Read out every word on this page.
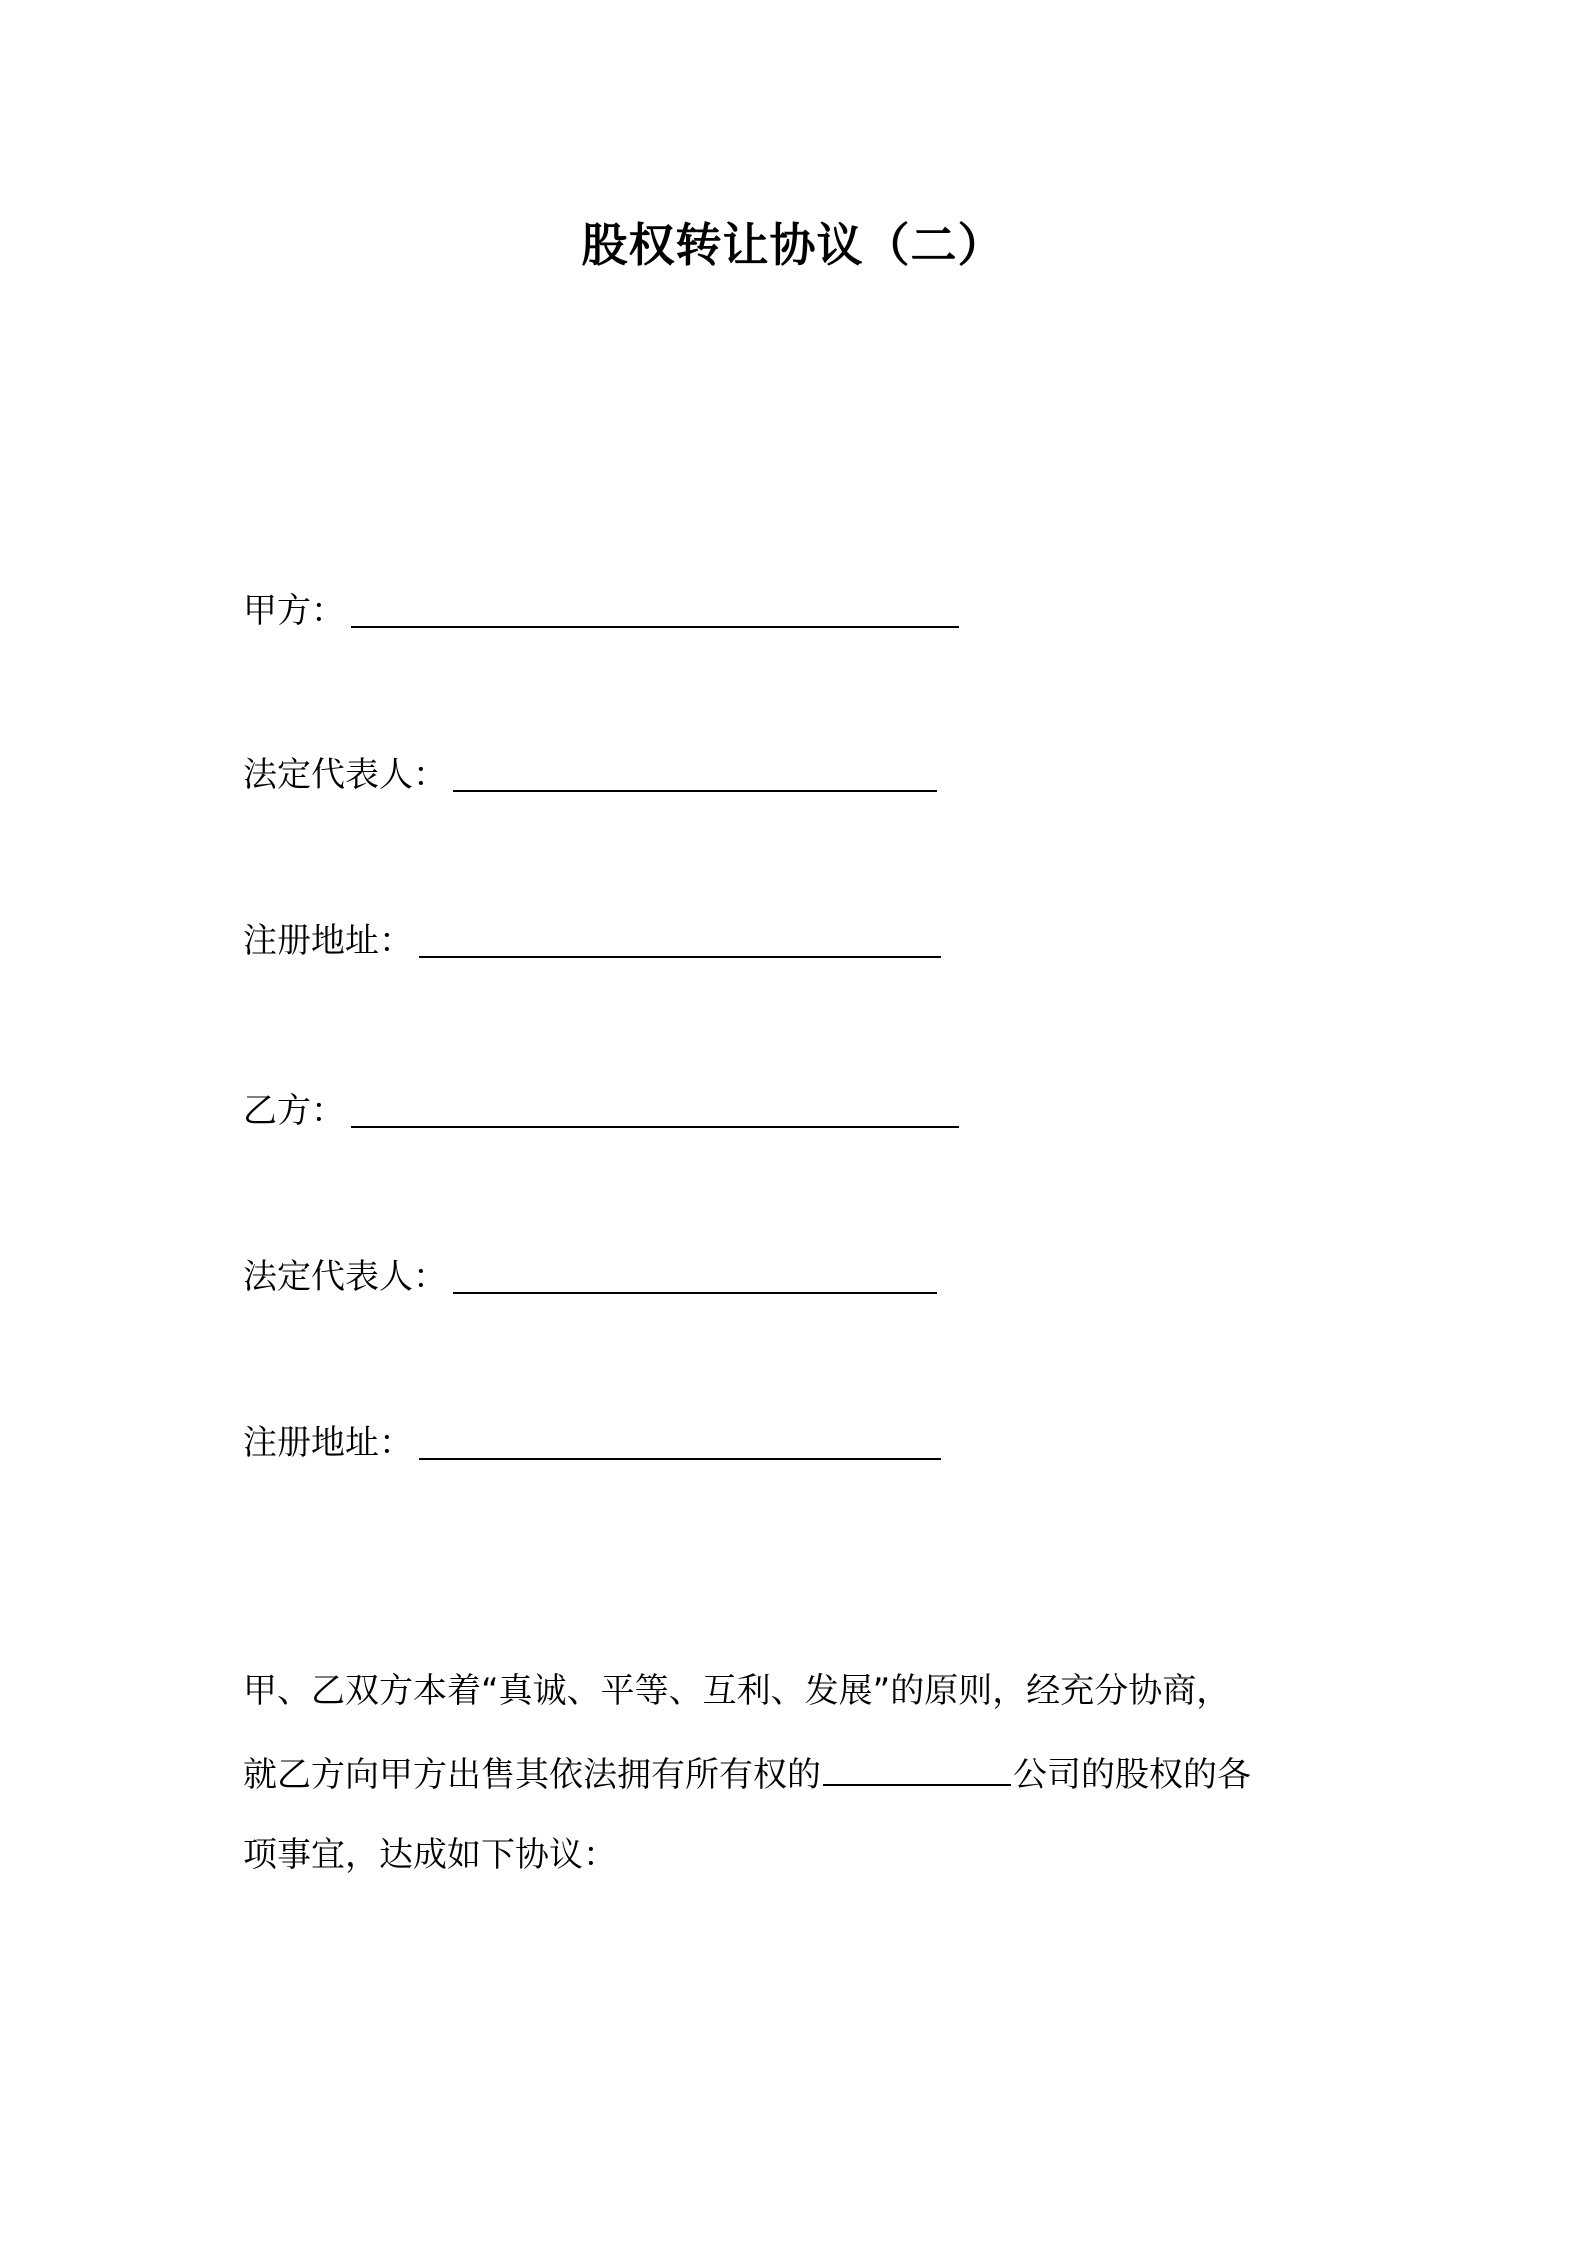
股权转让协议（二）
甲方：
法定代表人：
注册地址：
乙方：
法定代表人：
注册地址：
甲、乙双方本着“真诚、平等、互利、发展”的原则，经充分协商，
就乙方向甲方出售其依法拥有所有权的	公司的股权的各
项事宜，达成如下协议：
